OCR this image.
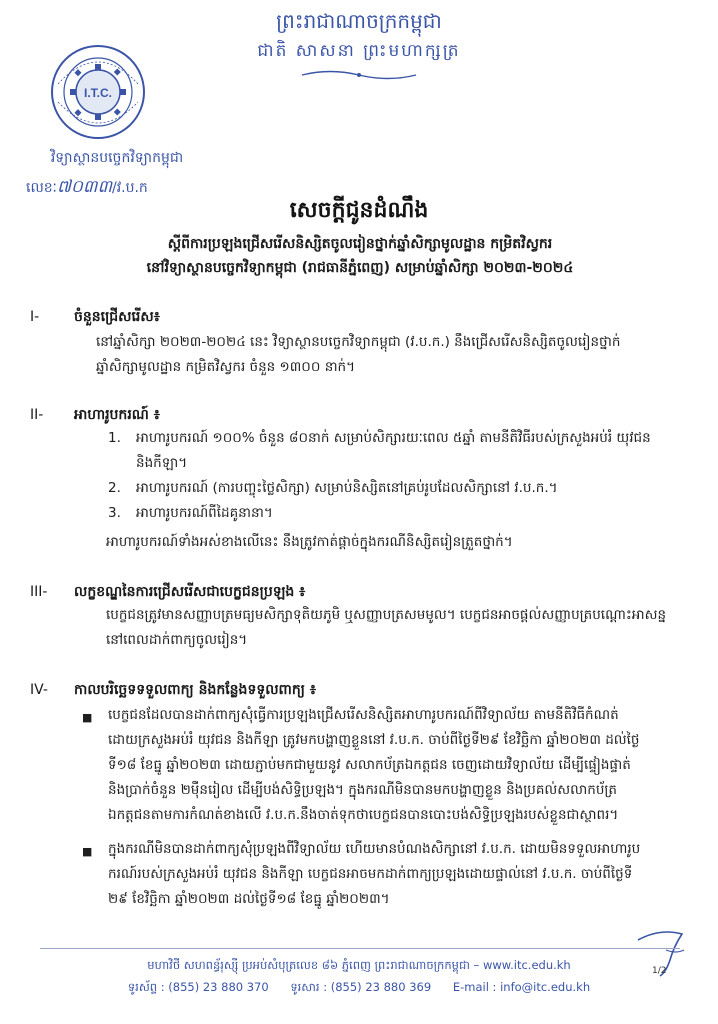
ព្រះរាជាណាចក្រកម្ពុជា
ជាតិ សាសនា ព្រះមហាក្សត្រ
I.T.C.
វិទ្យាស្ថានបច្ចេកវិទ្យាកម្ពុជា
លេខៈ៧០៣៣/វ.ប.ក
សេចក្ដីជូនដំណឹង
ស្ដីពីការប្រឡងជ្រើសរើសនិស្សិតចូលរៀនថ្នាក់ឆ្នាំសិក្សាមូលដ្ឋាន កម្រិតវិស្វករ
នៅវិទ្យាស្ថានបច្ចេកវិទ្យាកម្ពុជា (រាជធានីភ្នំពេញ) សម្រាប់ឆ្នាំសិក្សា ២០២៣-២០២៤
I- ចំនួនជ្រើសរើស៖
នៅឆ្នាំសិក្សា ២០២៣-២០២៤ នេះ វិទ្យាស្ថានបច្ចេកវិទ្យាកម្ពុជា (វ.ប.ក.) នឹងជ្រើសរើសនិស្សិតចូលរៀនថ្នាក់
ឆ្នាំសិក្សាមូលដ្ឋាន កម្រិតវិស្វករ ចំនួន ១៣០០ នាក់។
II- អាហារូបករណ៍ ៖
1.	អាហារូបករណ៍ ១០០% ចំនួន ៨០នាក់ សម្រាប់សិក្សារយៈពេល ៥ឆ្នាំ តាមនីតិវិធីរបស់ក្រសួងអប់រំ យុវជន
និងកីឡា។
2.	អាហារូបករណ៍ (ការបញ្ចុះថ្លៃសិក្សា) សម្រាប់និស្សិតនៅគ្រប់រូបដែលសិក្សានៅ វ.ប.ក.។
3.	អាហារូបករណ៍ពីដៃគូនានា។
អាហារូបករណ៍ទាំងអស់ខាងលើនេះ នឹងត្រូវកាត់ផ្ដាច់ក្នុងករណីនិស្សិតរៀនត្រួតថ្នាក់។
III- លក្ខខណ្ឌនៃការជ្រើសរើសជាបេក្ខជនប្រឡង ៖
បេក្ខជនត្រូវមានសញ្ញាបត្រមធ្យមសិក្សាទុតិយភូមិ ឬសញ្ញាបត្រសមមូល។ បេក្ខជនអាចផ្ដល់សញ្ញាបត្របណ្ដោះអាសន្ន
នៅពេលដាក់ពាក្យចូលរៀន។
IV- កាលបរិច្ឆេទទទួលពាក្យ និងកន្លែងទទួលពាក្យ ៖
■	បេក្ខជនដែលបានដាក់ពាក្យសុំធ្វើការប្រឡងជ្រើសរើសនិស្សិតអាហារូបករណ៍ពីវិទ្យាល័យ តាមនីតិវិធីកំណត់
ដោយក្រសួងអប់រំ យុវជន និងកីឡា ត្រូវមកបង្ហាញខ្លួននៅ វ.ប.ក. ចាប់ពីថ្ងៃទី២៩ ខែវិច្ឆិកា ឆ្នាំ២០២៣ ដល់ថ្ងៃ
ទី១៨ ខែធ្នូ ឆ្នាំ២០២៣ ដោយភ្ជាប់មកជាមួយនូវ សលាកប័ត្រឯកត្តជន ចេញដោយវិទ្យាល័យ ដើម្បីផ្ទៀងផ្ទាត់
និងប្រាក់ចំនួន ២ម៉ឺនរៀល ដើម្បីបង់សិទ្ធិប្រឡង។ ក្នុងករណីមិនបានមកបង្ហាញខ្លួន និងប្រគល់សលាកប័ត្រ
ឯកត្តជនតាមការកំណត់ខាងលើ វ.ប.ក.នឹងចាត់ទុកថាបេក្ខជនបានបោះបង់សិទ្ធិប្រឡងរបស់ខ្លួនជាស្ថាពរ។
■	ក្នុងករណីមិនបានដាក់ពាក្យសុំប្រឡងពីវិទ្យាល័យ ហើយមានបំណងសិក្សានៅ វ.ប.ក. ដោយមិនទទួលអាហារូប
ករណ៍របស់ក្រសួងអប់រំ យុវជន និងកីឡា បេក្ខជនអាចមកដាក់ពាក្យប្រឡងដោយផ្ទាល់នៅ វ.ប.ក. ចាប់ពីថ្ងៃទី
២៩ ខែវិច្ឆិកា ឆ្នាំ២០២៣ ដល់ថ្ងៃទី១៨ ខែធ្នូ ឆ្នាំ២០២៣។
មហាវិថី សហពន្ធ័រុស្ស៊ី ប្រអប់សំបុត្រលេខ ៨៦ ភ្នំពេញ ព្រះរាជាណាចក្រកម្ពុជា – www.itc.edu.kh	1/2
ទូរស័ព្ទ : (855) 23 880 370 ទូរសារ : (855) 23 880 369 E-mail : info@itc.edu.kh
